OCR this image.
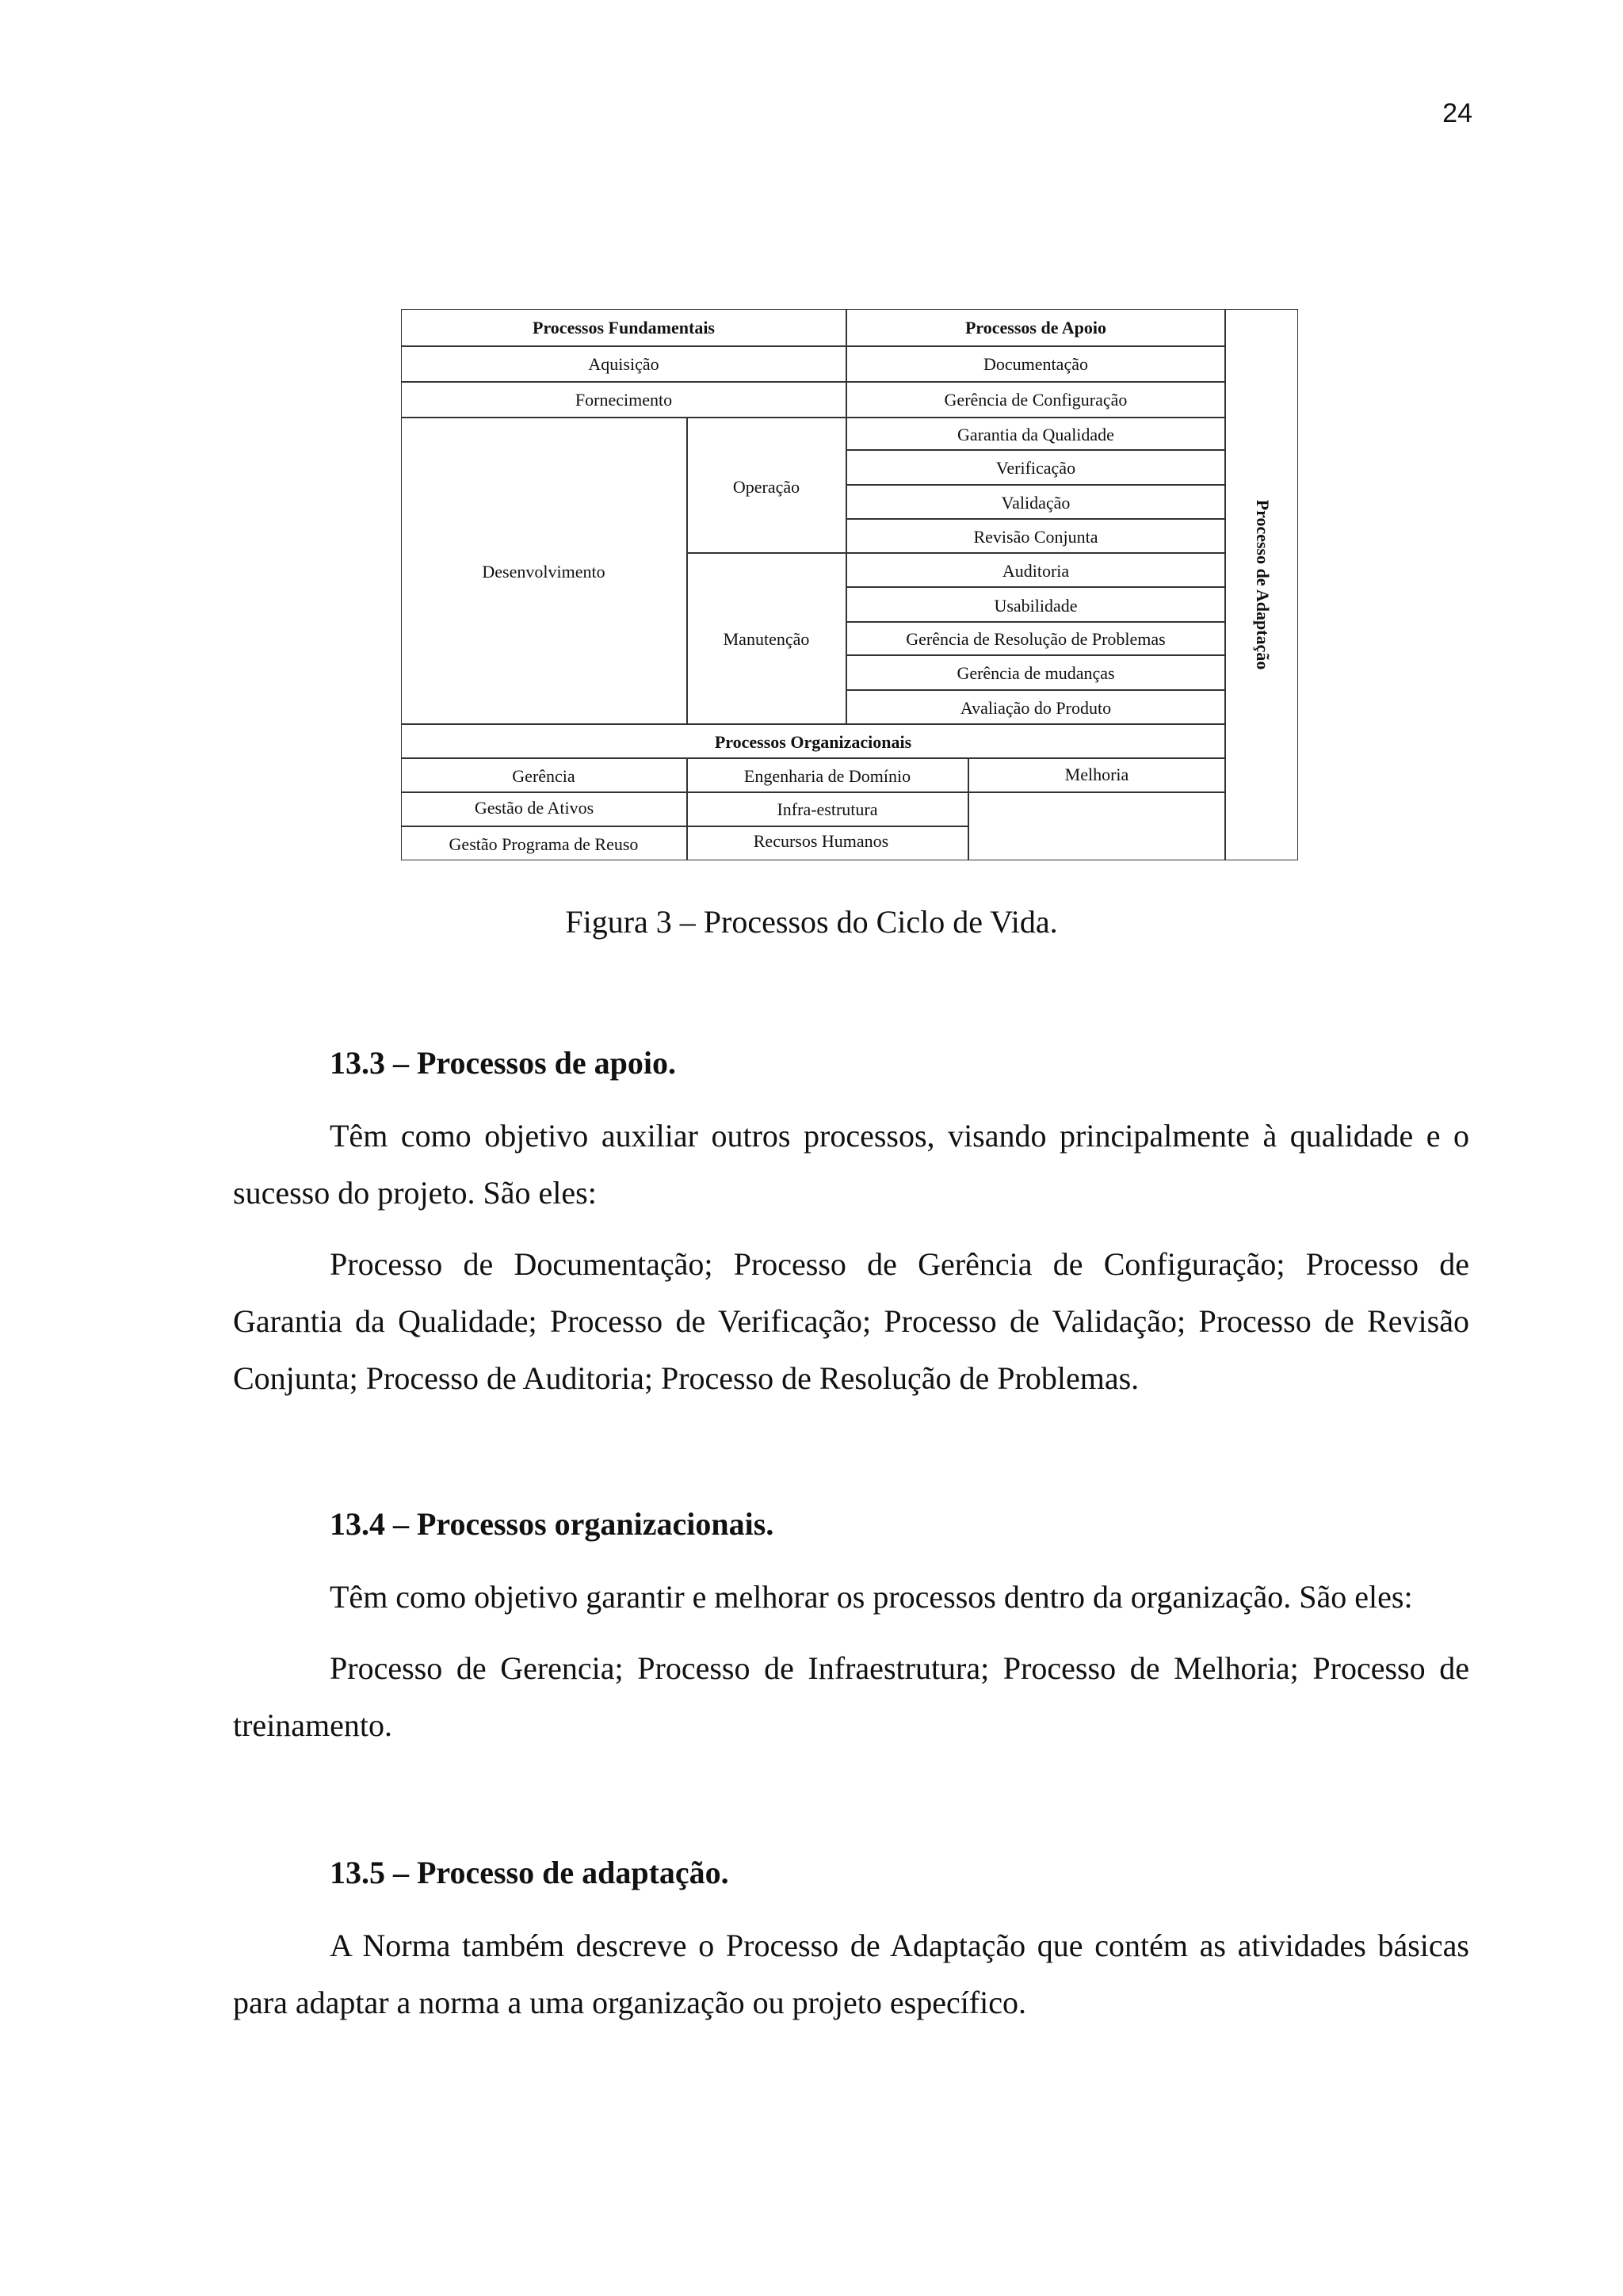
24
Processos Fundamentais	Processos de Apoio
Aquisição
Fornecimento
Desenvolvimento
Operação
Manutenção
Documentação
Gerência de Configuração
Garantia da Qualidade
Verificação
Validação
Revisão Conjunta
Auditoria
Usabilidade
Gerência de Resolução de Problemas
Gerência de mudanças
Avaliação do Produto
Processos Organizacionais
Gerência
Gestão de Ativos
Gestão Programa de Reuso
Engenharia de Domínio
Infra-estrutura
Recursos Humanos
Melhoria
Processo de Adaptação
Figura 3 – Processos do Ciclo de Vida.
13.3 – Processos de apoio.

Têm como objetivo auxiliar outros processos, visando principalmente à qualidade e o sucesso do projeto. São eles:

Processo de Documentação; Processo de Gerência de Configuração; Processo de Garantia da Qualidade; Processo de Verificação; Processo de Validação; Processo de Revisão Conjunta; Processo de Auditoria; Processo de Resolução de Problemas.

13.4 – Processos organizacionais.

Têm como objetivo garantir e melhorar os processos dentro da organização. São eles:

Processo de Gerencia; Processo de Infraestrutura; Processo de Melhoria; Processo de treinamento.

13.5 – Processo de adaptação.

A Norma também descreve o Processo de Adaptação que contém as atividades básicas para adaptar a norma a uma organização ou projeto específico.
